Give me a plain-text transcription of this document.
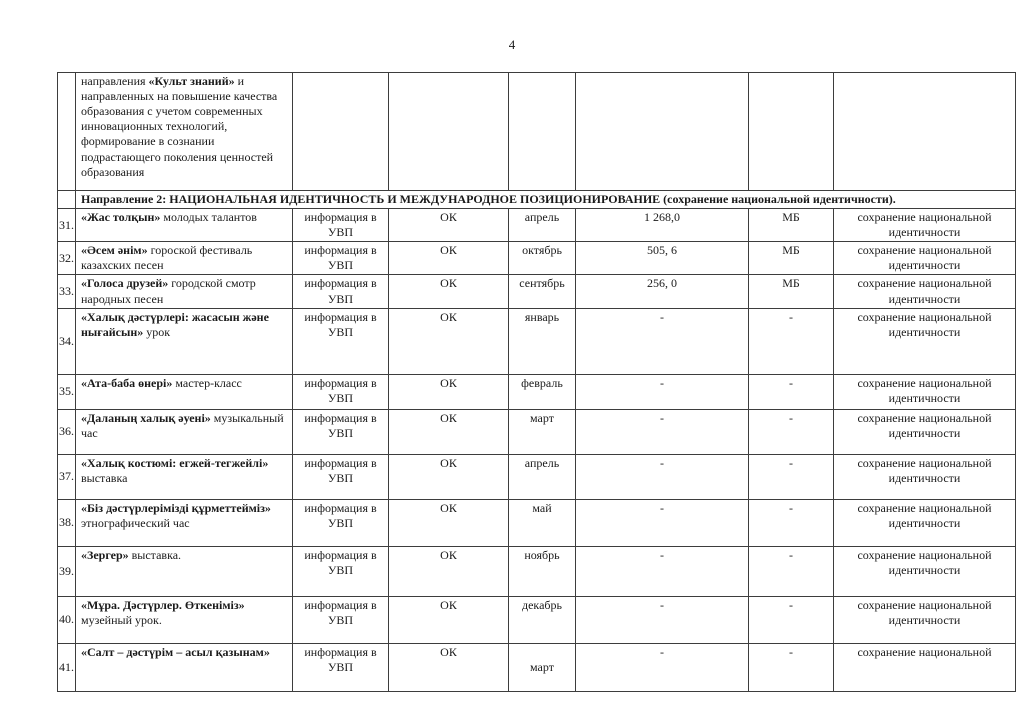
4
	направления «Культ знаний» и направленных на повышение качества образования с учетом современных инновационных технологий, формирование в сознании подрастающего поколения ценностей образования						
	Направление 2: НАЦИОНАЛЬНАЯ ИДЕНТИЧНОСТЬ И МЕЖДУНАРОДНОЕ ПОЗИЦИОНИРОВАНИЕ (сохранение национальной идентичности).						
31.	«Жас толқын» молодых талантов	информация в УВП	ОК	апрель	1 268,0	МБ	сохранение национальной идентичности
32.	«Әсем әнім» гороской фестиваль казахских песен	информация в УВП	ОК	октябрь	505, 6	МБ	сохранение национальной идентичности
33.	«Голоса друзей» городской смотр народных песен	информация в УВП	ОК	сентябрь	256, 0	МБ	сохранение национальной идентичности
34.	«Халық дәстүрлері: жасасын және нығайсын» урок	информация в УВП	ОК	январь	-	-	сохранение национальной идентичности
35.	«Ата-баба өнері» мастер-класс	информация в УВП	ОК	февраль	-	-	сохранение национальной идентичности
36.	«Даланың халық әуені» музыкальный час	информация в УВП	ОК	март	-	-	сохранение национальной идентичности
37.	«Халық костюмі: егжей-тегжейлі» выставка	информация в УВП	ОК	апрель	-	-	сохранение национальной идентичности
38.	«Біз дәстүрлерімізді құрметтейміз» этнографический час	информация в УВП	ОК	май	-	-	сохранение национальной идентичности
39.	«Зергер» выставка.	информация в УВП	ОК	ноябрь	-	-	сохранение национальной идентичности
40.	«Мұра. Дәстүрлер. Өткеніміз» музейный урок.	информация в УВП	ОК	декабрь	-	-	сохранение национальной идентичности
41.	«Салт – дәстүрім – асыл қазынам»	информация в УВП	ОК	март	-	-	сохранение национальной
